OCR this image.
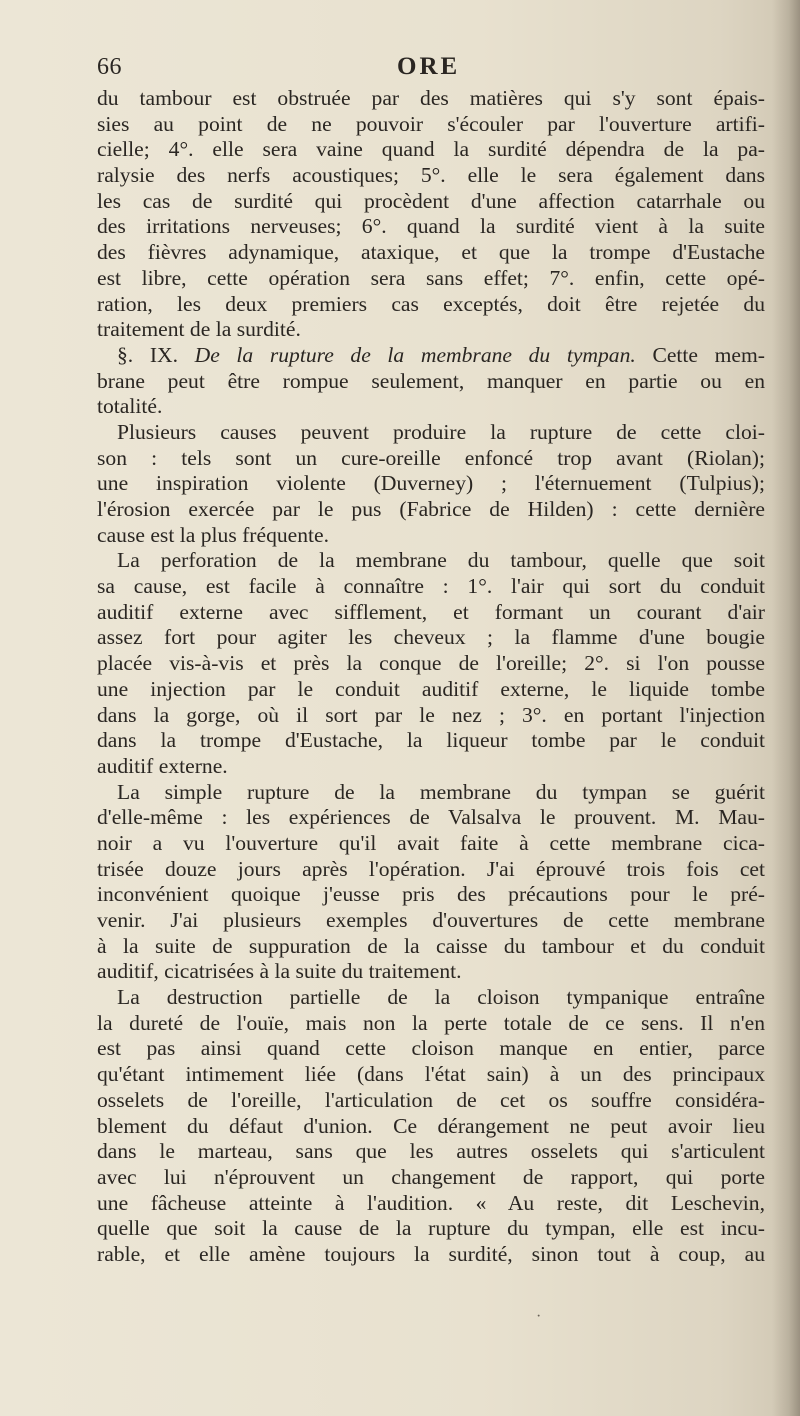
66	ORE
du tambour est obstruée par des matières qui s'y sont épais-
sies au point de ne pouvoir s'écouler par l'ouverture artifi-
cielle; 4°. elle sera vaine quand la surdité dépendra de la pa-
ralysie des nerfs acoustiques; 5°. elle le sera également dans
les cas de surdité qui procèdent d'une affection catarrhale ou
des irritations nerveuses; 6°. quand la surdité vient à la suite
des fièvres adynamique, ataxique, et que la trompe d'Eustache
est libre, cette opération sera sans effet; 7°. enfin, cette opé-
ration, les deux premiers cas exceptés, doit être rejetée du
traitement de la surdité.
§. IX. De la rupture de la membrane du tympan. Cette mem-
brane peut être rompue seulement, manquer en partie ou en
totalité.
Plusieurs causes peuvent produire la rupture de cette cloi-
son : tels sont un cure-oreille enfoncé trop avant (Riolan);
une inspiration violente (Duverney) ; l'éternuement (Tulpius);
l'érosion exercée par le pus (Fabrice de Hilden) : cette dernière
cause est la plus fréquente.
La perforation de la membrane du tambour, quelle que soit
sa cause, est facile à connaître : 1°. l'air qui sort du conduit
auditif externe avec sifflement, et formant un courant d'air
assez fort pour agiter les cheveux ; la flamme d'une bougie
placée vis-à-vis et près la conque de l'oreille; 2°. si l'on pousse
une injection par le conduit auditif externe, le liquide tombe
dans la gorge, où il sort par le nez ; 3°. en portant l'injection
dans la trompe d'Eustache, la liqueur tombe par le conduit
auditif externe.
La simple rupture de la membrane du tympan se guérit
d'elle-même : les expériences de Valsalva le prouvent. M. Mau-
noir a vu l'ouverture qu'il avait faite à cette membrane cica-
trisée douze jours après l'opération. J'ai éprouvé trois fois cet
inconvénient quoique j'eusse pris des précautions pour le pré-
venir. J'ai plusieurs exemples d'ouvertures de cette membrane
à la suite de suppuration de la caisse du tambour et du conduit
auditif, cicatrisées à la suite du traitement.
La destruction partielle de la cloison tympanique entraîne
la dureté de l'ouïe, mais non la perte totale de ce sens. Il n'en
est pas ainsi quand cette cloison manque en entier, parce
qu'étant intimement liée (dans l'état sain) à un des principaux
osselets de l'oreille, l'articulation de cet os souffre considéra-
blement du défaut d'union. Ce dérangement ne peut avoir lieu
dans le marteau, sans que les autres osselets qui s'articulent
avec lui n'éprouvent un changement de rapport, qui porte
une fâcheuse atteinte à l'audition. « Au reste, dit Leschevin,
quelle que soit la cause de la rupture du tympan, elle est incu-
rable, et elle amène toujours la surdité, sinon tout à coup, au
·
